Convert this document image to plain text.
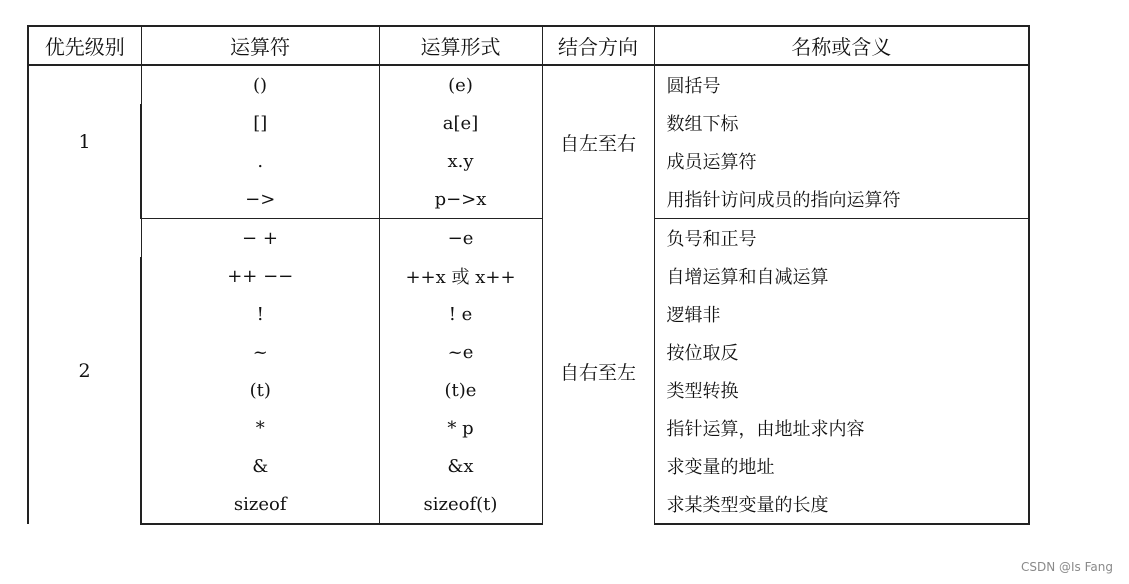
优先级别	运算符	运算形式	结合方向	名称或含义
1	()	(e)	自左至右	圆括号
	[]	a[e]		数组下标
	.	x.y		成员运算符
	−>	p−>x		用指针访问成员的指向运算符
2	− +	−e	自右至左	负号和正号
	++ −−	++x 或 x++		自增运算和自减运算
	!	! e		逻辑非
	~	~e		按位取反
	(t)	(t)e		类型转换
	*	* p		指针运算，由地址求内容
	&	&x		求变量的地址
	sizeof	sizeof(t)		求某类型变量的长度
CSDN @Is Fang
